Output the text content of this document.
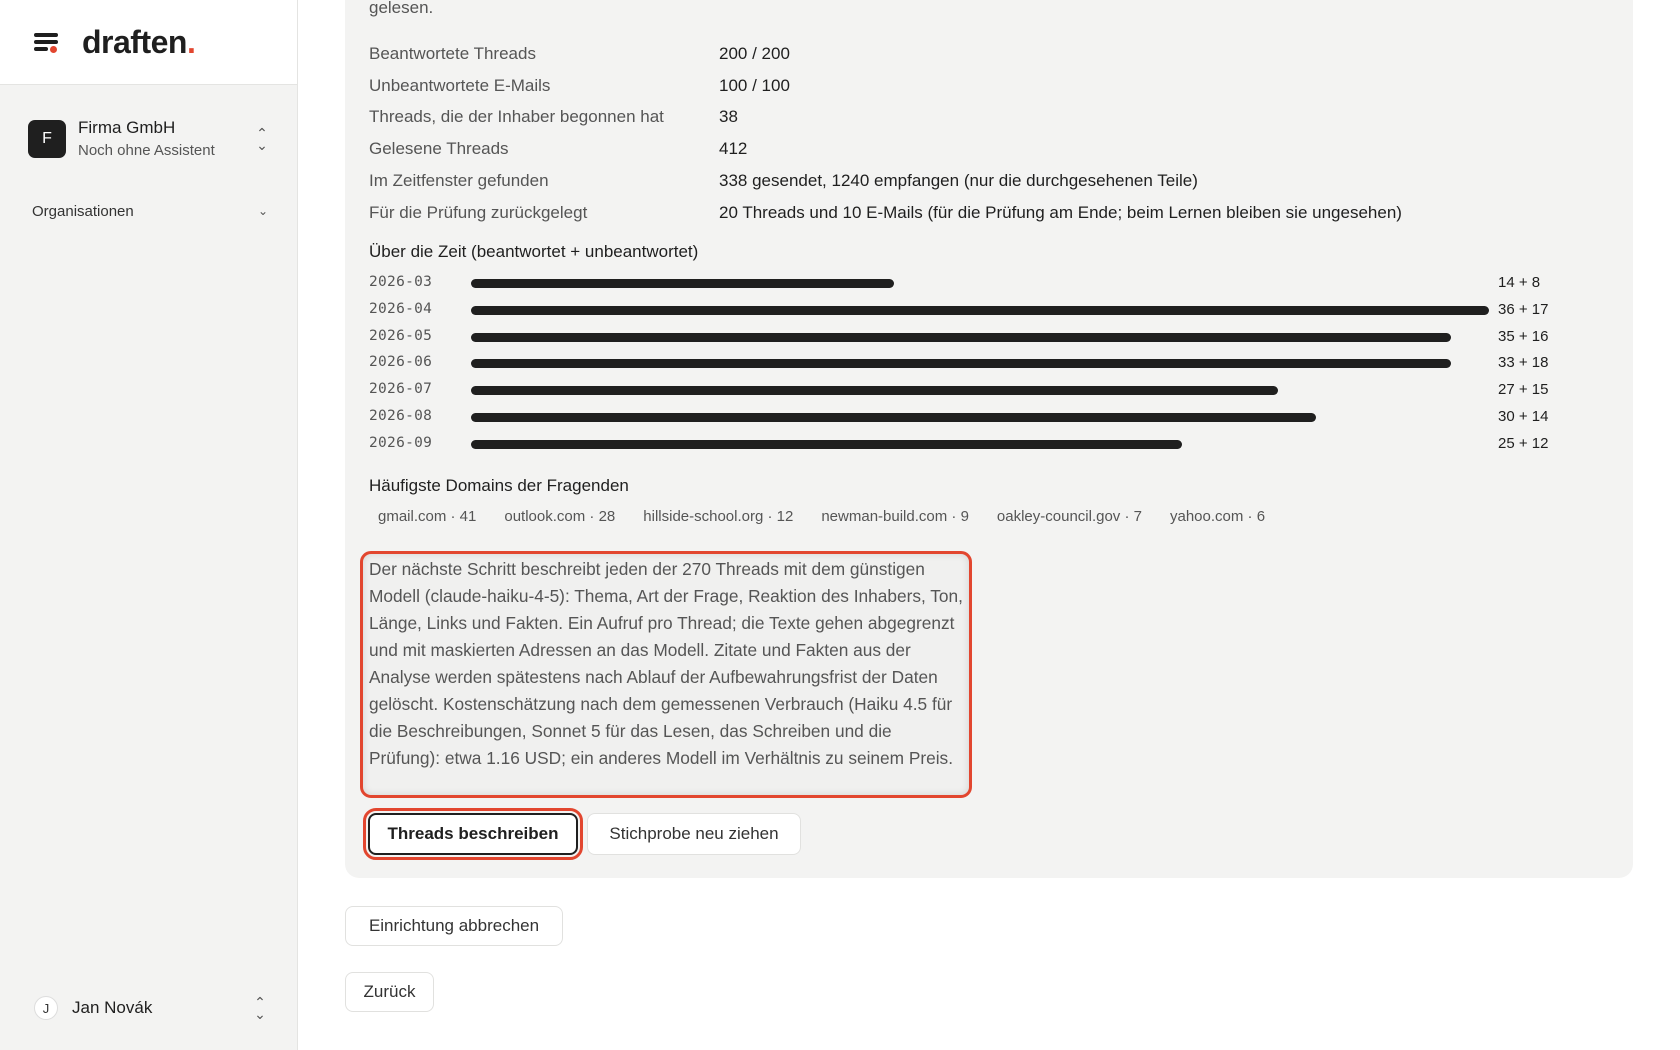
draften.
F
Firma GmbH
Noch ohne Assistent
⌃
⌄
Organisationen	⌄
J	Jan Novák	⌃
⌄
gelesen.
Beantwortete Threads	200 / 200
Unbeantwortete E-Mails	100 / 100
Threads, die der Inhaber begonnen hat	38
Gelesene Threads	412
Im Zeitfenster gefunden	338 gesendet, 1240 empfangen (nur die durchgesehenen Teile)
Für die Prüfung zurückgelegt	20 Threads und 10 E-Mails (für die Prüfung am Ende; beim Lernen bleiben sie ungesehen)
Über die Zeit (beantwortet + unbeantwortet)
2026-03	14 + 8
2026-04	36 + 17
2026-05	35 + 16
2026-06	33 + 18
2026-07	27 + 15
2026-08	30 + 14
2026-09	25 + 12
Häufigste Domains der Fragenden
gmail.com · 41	outlook.com · 28	hillside-school.org · 12	newman-build.com · 9	oakley-council.gov · 7	yahoo.com · 6
Der nächste Schritt beschreibt jeden der 270 Threads mit dem günstigen Modell (claude-haiku-4-5): Thema, Art der Frage, Reaktion des Inhabers, Ton, Länge, Links und Fakten. Ein Aufruf pro Thread; die Texte gehen abgegrenzt und mit maskierten Adressen an das Modell. Zitate und Fakten aus der Analyse werden spätestens nach Ablauf der Aufbewahrungsfrist der Daten gelöscht. Kostenschätzung nach dem gemessenen Verbrauch (Haiku 4.5 für die Beschreibungen, Sonnet 5 für das Lesen, das Schreiben und die Prüfung): etwa 1.16 USD; ein anderes Modell im Verhältnis zu seinem Preis.
Threads beschreiben	Stichprobe neu ziehen
Einrichtung abbrechen
Zurück
